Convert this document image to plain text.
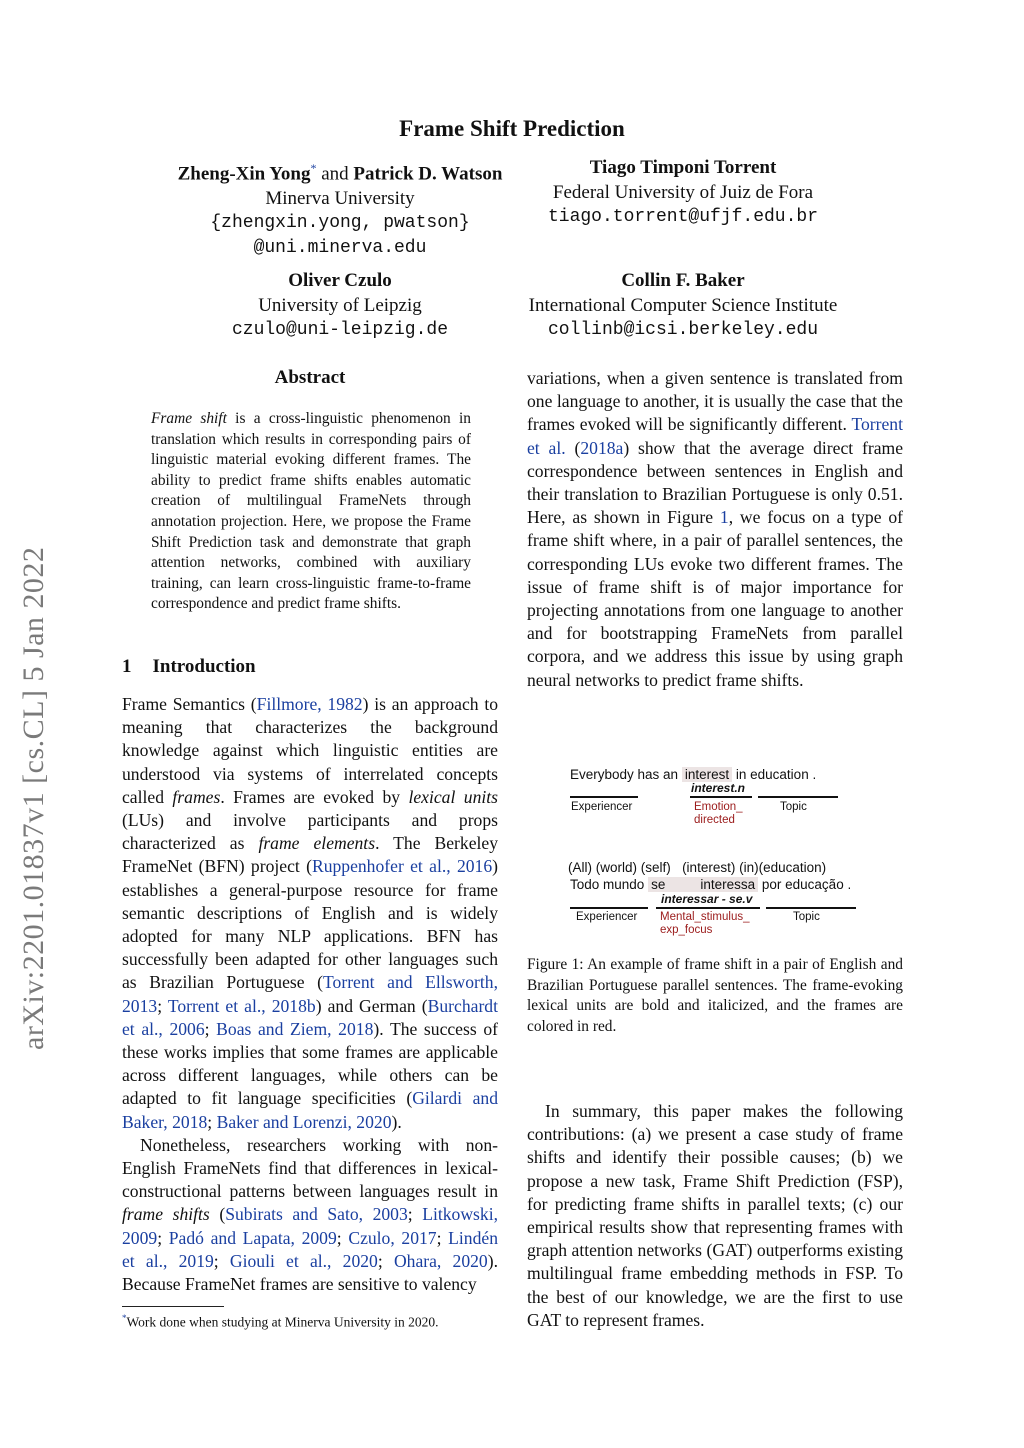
Frame Shift Prediction
Zheng-Xin Yong* and Patrick D. Watson
Minerva University
{zhengxin.yong, pwatson}
@uni.minerva.edu
Tiago Timponi Torrent
Federal University of Juiz de Fora
tiago.torrent@ufjf.edu.br
Oliver Czulo
University of Leipzig
czulo@uni-leipzig.de
Collin F. Baker
International Computer Science Institute
collinb@icsi.berkeley.edu
arXiv:2201.01837v1 [cs.CL] 5 Jan 2022
Abstract
Frame shift is a cross-linguistic phenomenon in translation which results in corresponding pairs of linguistic material evoking different frames. The ability to predict frame shifts enables automatic creation of multilingual FrameNets through annotation projection. Here, we propose the Frame Shift Prediction task and demonstrate that graph attention networks, combined with auxiliary training, can learn cross-linguistic frame-to-frame correspondence and predict frame shifts.
1 Introduction
Frame Semantics (Fillmore, 1982) is an approach to meaning that characterizes the background knowledge against which linguistic entities are understood via systems of interrelated concepts called frames. Frames are evoked by lexical units (LUs) and involve participants and props characterized as frame elements. The Berkeley FrameNet (BFN) project (Ruppenhofer et al., 2016) establishes a general-purpose resource for frame semantic descriptions of English and is widely adopted for many NLP applications. BFN has successfully been adapted for other languages such as Brazilian Portuguese (Torrent and Ellsworth, 2013; Torrent et al., 2018b) and German (Burchardt et al., 2006; Boas and Ziem, 2018). The success of these works implies that some frames are applicable across different languages, while others can be adapted to fit language specificities (Gilardi and Baker, 2018; Baker and Lorenzi, 2020).
Nonetheless, researchers working with non-English FrameNets find that differences in lexical-constructional patterns between languages result in frame shifts (Subirats and Sato, 2003; Litkowski, 2009; Padó and Lapata, 2009; Czulo, 2017; Lindén et al., 2019; Giouli et al., 2020; Ohara, 2020). Because FrameNet frames are sensitive to valency
*Work done when studying at Minerva University in 2020.
variations, when a given sentence is translated from one language to another, it is usually the case that the frames evoked will be significantly different. Torrent et al. (2018a) show that the average direct frame correspondence between sentences in English and their translation to Brazilian Portuguese is only 0.51. Here, as shown in Figure 1, we focus on a type of frame shift where, in a pair of parallel sentences, the corresponding LUs evoke two different frames. The issue of frame shift is of major importance for projecting annotations from one language to another and for bootstrapping FrameNets from parallel corpora, and we address this issue by using graph neural networks to predict frame shifts.
Everybody has an interest in education .
interest.n
Experiencer	Emotion_
directed
Topic
(All) (world) (self) (interest) (in)(education)
Todo mundo se	interessa por educação .
interessar - se.v
Experiencer Mental_stimulus_
exp_focus
Topic
Figure 1: An example of frame shift in a pair of English and Brazilian Portuguese parallel sentences. The frame-evoking lexical units are bold and italicized, and the frames are colored in red.
In summary, this paper makes the following contributions: (a) we present a case study of frame shifts and identify their possible causes; (b) we propose a new task, Frame Shift Prediction (FSP), for predicting frame shifts in parallel texts; (c) our empirical results show that representing frames with graph attention networks (GAT) outperforms existing multilingual frame embedding methods in FSP. To the best of our knowledge, we are the first to use GAT to represent frames.
